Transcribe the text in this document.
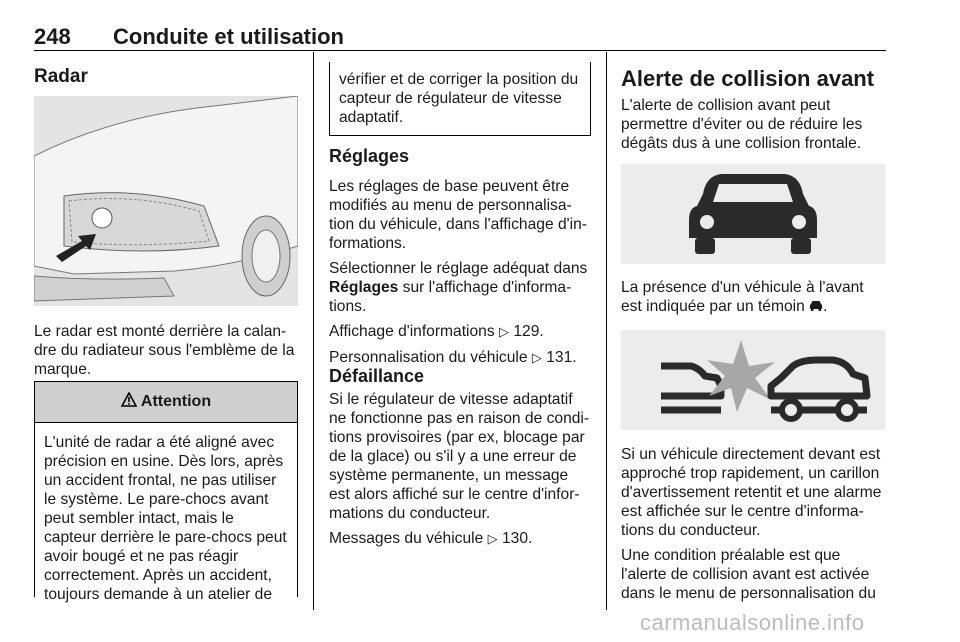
248 Conduite et utilisation
Radar

Le radar est monté derrière la calan-dre du radiateur sous l'emblème de la marque.

Attention
L'unité de radar a été aligné avec précision en usine. Dès lors, après un accident frontal, ne pas utiliser le système. Le pare-chocs avant peut sembler intact, mais le capteur derrière le pare-chocs peut avoir bougé et ne pas réagir correctement. Après un accident, toujours demande à un atelier de
vérifier et de corriger la position du capteur de régulateur de vitesse adaptatif.
Réglages

Les réglages de base peuvent être modifiés au menu de personnalisa-tion du véhicule, dans l'affichage d'in-formations.

Sélectionner le réglage adéquat dans Réglages sur l'affichage d'informa-tions.

Affichage d'informations ▷ 129.

Personnalisation du véhicule ▷ 131.

Défaillance

Si le régulateur de vitesse adaptatif ne fonctionne pas en raison de condi-tions provisoires (par ex, blocage par de la glace) ou s'il y a une erreur de système permanente, un message est alors affiché sur le centre d'infor-mations du conducteur.

Messages du véhicule ▷ 130.

Alerte de collision avant

L'alerte de collision avant peut permettre d'éviter ou de réduire les dégâts dus à une collision frontale.

La présence d'un véhicule à l'avant est indiquée par un témoin .

Si un véhicule directement devant est approché trop rapidement, un carillon d'avertissement retentit et une alarme est affichée sur le centre d'informa-tions du conducteur.

Une condition préalable est que l'alerte de collision avant est activée dans le menu de personnalisation du

carmanualsonline.info
